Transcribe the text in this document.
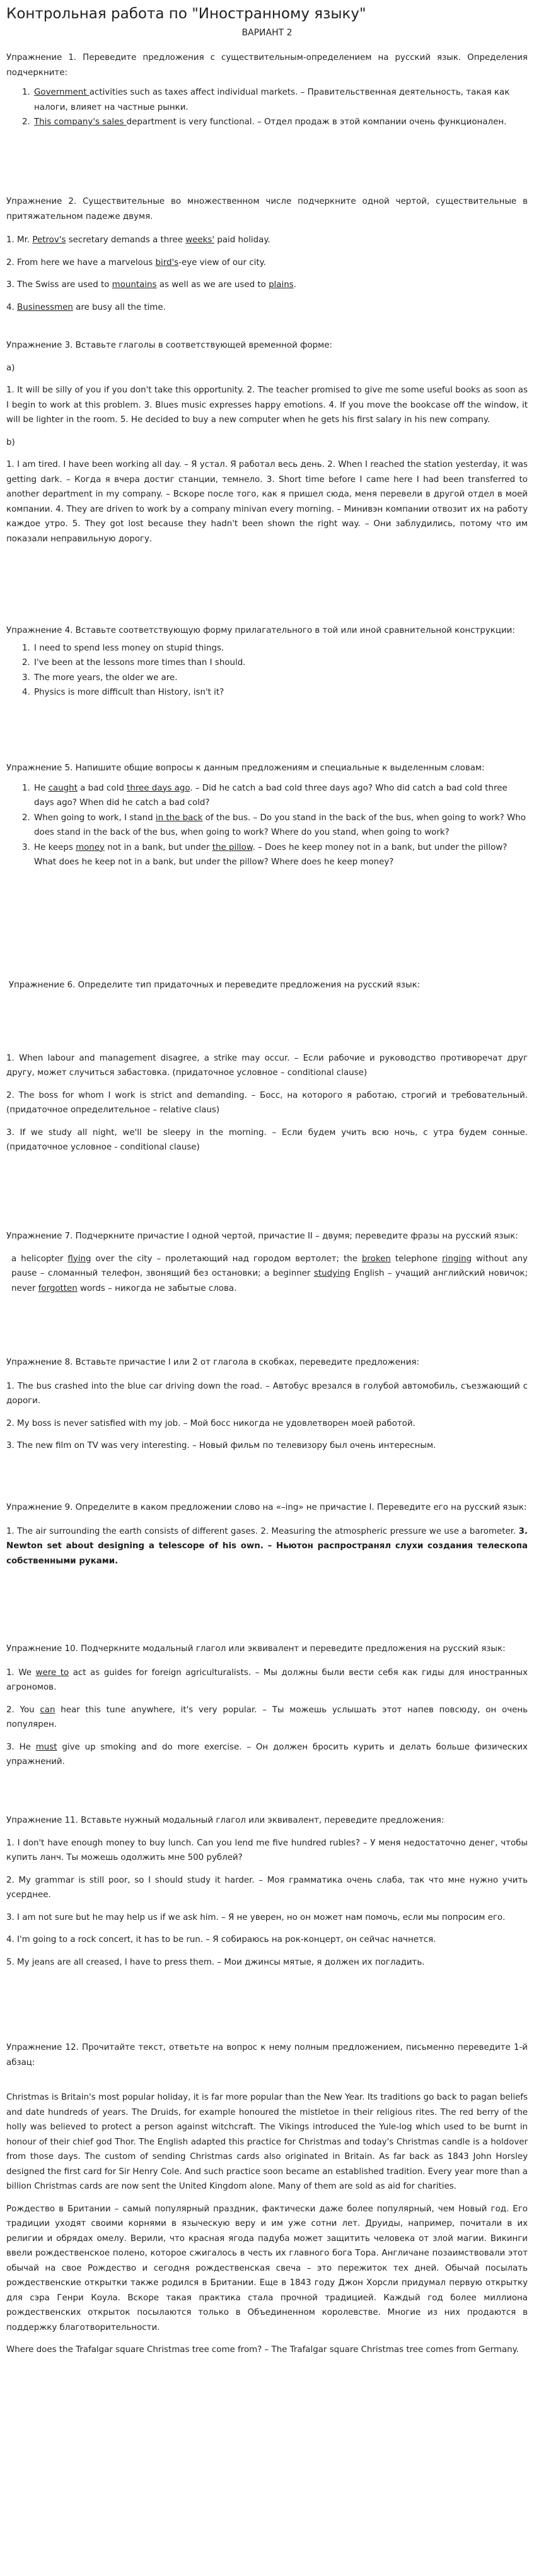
Контрольная работа по "Иностранному языку"
ВАРИАНТ 2

Упражнение 1. Переведите предложения с существительным-определением на русский язык. Определения подчеркните:

1. Government activities such as taxes affect individual markets. – Правительственная деятельность, такая как налоги, влияет на частные рынки.
2. This company's sales department is very functional. – Отдел продаж в этой компании очень функционален.

Упражнение 2. Существительные во множественном числе подчеркните одной чертой, существительные в притяжательном падеже двумя.

1. Mr. Petrov's secretary demands a three weeks' paid holiday.

2. From here we have a marvelous bird's-eye view of our city.

3. The Swiss are used to mountains as well as we are used to plains.

4. Businessmen are busy all the time.

Упражнение 3. Вставьте глаголы в соответствующей временной форме:

a)

1. It will be silly of you if you don't take this opportunity. 2. The teacher promised to give me some useful books as soon as I begin to work at this problem. 3. Blues music expresses happy emotions. 4. If you move the bookcase off the window, it will be lighter in the room. 5. He decided to buy a new computer when he gets his first salary in his new company.

b)

1. I am tired. I have been working all day. – Я устал. Я работал весь день. 2. When I reached the station yesterday, it was getting dark. – Когда я вчера достиг станции, темнело. 3. Short time before I came here I had been transferred to another department in my company. – Вскоре после того, как я пришел сюда, меня перевели в другой отдел в моей компании. 4. They are driven to work by a company minivan every morning. – Минивэн компании отвозит их на работу каждое утро. 5. They got lost because they hadn't been shown the right way. – Они заблудились, потому что им показали неправильную дорогу.

Упражнение 4. Вставьте соответствующую форму прилагательного в той или иной сравнительной конструкции:

1. I need to spend less money on stupid things.
2. I've been at the lessons more times than I should.
3. The more years, the older we are.
4. Physics is more difficult than History, isn't it?

Упражнение 5. Напишите общие вопросы к данным предложениям и специальные к выделенным словам:

1. He caught a bad cold three days ago. – Did he catch a bad cold three days ago? Who did catch a bad cold three days ago? When did he catch a bad cold?
2. When going to work, I stand in the back of the bus. – Do you stand in the back of the bus, when going to work? Who does stand in the back of the bus, when going to work? Where do you stand, when going to work?
3. He keeps money not in a bank, but under the pillow. – Does he keep money not in a bank, but under the pillow? What does he keep not in a bank, but under the pillow? Where does he keep money?

Упражнение 6. Определите тип придаточных и переведите предложения на русский язык:

1. When labour and management disagree, a strike may occur. – Если рабочие и руководство противоречат друг другу, может случиться забастовка. (придаточное условное – conditional clause)

2. The boss for whom I work is strict and demanding. – Босс, на которого я работаю, строгий и требовательный. (придаточное определительное – relative claus)

3. If we study all night, we'll be sleepy in the morning. – Если будем учить всю ночь, с утра будем сонные. (придаточное условное - conditional clause)

Упражнение 7. Подчеркните причастие I одной чертой, причастие II – двумя; переведите фразы на русский язык:

a helicopter flying over the city – пролетающий над городом вертолет; the broken telephone ringing without any pause – сломанный телефон, звонящий без остановки; a beginner studying English – учащий английский новичок; never forgotten words – никогда не забытые слова.

Упражнение 8. Вставьте причастие I или 2 от глагола в скобках, переведите предложения:

1. The bus crashed into the blue car driving down the road. – Автобус врезался в голубой автомобиль, съезжающий с дороги.

2. My boss is never satisfied with my job. – Мой босс никогда не удовлетворен моей работой.

3. The new film on TV was very interesting. – Новый фильм по телевизору был очень интересным.

Упражнение 9. Определите в каком предложении слово на «–ing» не причастие I. Переведите его на русский язык:

1. The air surrounding the earth consists of different gases. 2. Measuring the atmospheric pressure we use a barometer. 3. Newton set about designing a telescope of his own. – Ньютон распространял слухи создания телескопа собственными руками.

Упражнение 10. Подчеркните модальный глагол или эквивалент и переведите предложения на русский язык:

1. We were to act as guides for foreign agriculturalists. – Мы должны были вести себя как гиды для иностранных агрономов.

2. You can hear this tune anywhere, it's very popular. – Ты можешь услышать этот напев повсюду, он очень популярен.

3. He must give up smoking and do more exercise. – Он должен бросить курить и делать больше физических упражнений.

Упражнение 11. Вставьте нужный модальный глагол или эквивалент, переведите предложения:

1. I don't have enough money to buy lunch. Can you lend me five hundred rubles? – У меня недостаточно денег, чтобы купить ланч. Ты можешь одолжить мне 500 рублей?

2. My grammar is still poor, so I should study it harder. – Моя грамматика очень слаба, так что мне нужно учить усерднее.

3. I am not sure but he may help us if we ask him. – Я не уверен, но он может нам помочь, если мы попросим его.

4. I'm going to a rock concert, it has to be run. – Я собираюсь на рок-концерт, он сейчас начнется.

5. My jeans are all creased, I have to press them. – Мои джинсы мятые, я должен их погладить.

Упражнение 12. Прочитайте текст, ответьте на вопрос к нему полным предложением, письменно переведите 1-й абзац:

Christmas is Britain's most popular holiday, it is far more popular than the New Year. Its traditions go back to pagan beliefs and date hundreds of years. The Druids, for example honoured the mistletoe in their religious rites. The red berry of the holly was believed to protect a person against witchcraft. The Vikings introduced the Yule-log which used to be burnt in honour of their chief god Thor. The English adapted this practice for Christmas and today's Christmas candle is a holdover from those days. The custom of sending Christmas cards also originated in Britain. As far back as 1843 John Horsley designed the first card for Sir Henry Cole. And such practice soon became an established tradition. Every year more than a billion Christmas cards are now sent the United Kingdom alone. Many of them are sold as aid for charities.

Рождество в Британии – самый популярный праздник, фактически даже более популярный, чем Новый год. Его традиции уходят своими корнями в языческую веру и им уже сотни лет. Друиды, например, почитали в их религии и обрядах омелу. Верили, что красная ягода падуба может защитить человека от злой магии. Викинги ввели рождественское полено, которое сжигалось в честь их главного бога Тора. Англичане позаимствовали этот обычай на свое Рождество и сегодня рождественская свеча – это пережиток тех дней. Обычай посылать рождественские открытки также родился в Британии. Еще в 1843 году Джон Хорсли придумал первую открытку для сэра Генри Коула. Вскоре такая практика стала прочной традицией. Каждый год более миллиона рождественских открыток посылаются только в Объединенном королевстве. Многие из них продаются в поддержку благотворительности.

Where does the Trafalgar square Christmas tree come from? – The Trafalgar square Christmas tree comes from Germany.
